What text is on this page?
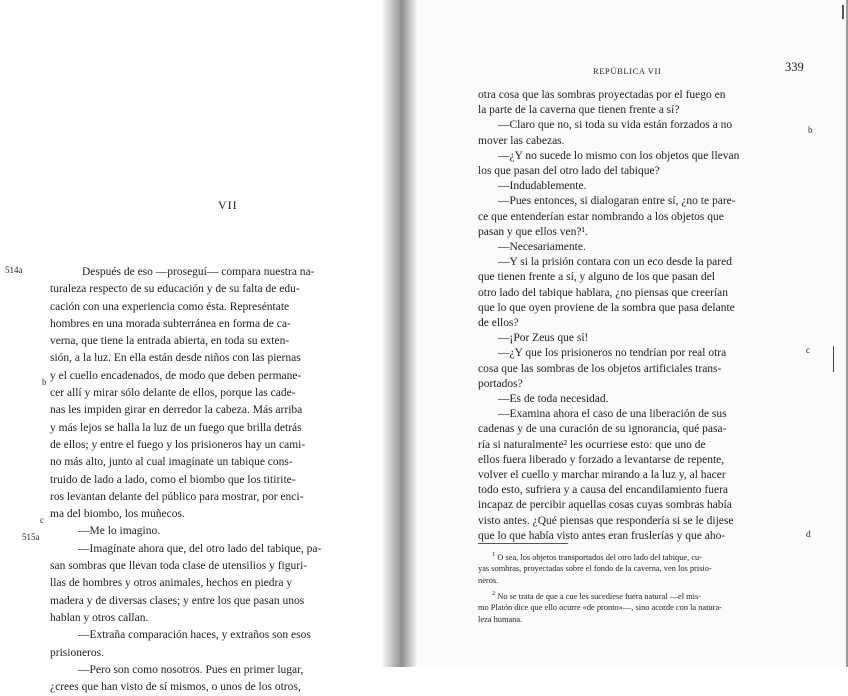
VII
514a
b
c
515a
Después de eso —proseguí— compara nuestra na-
turaleza respecto de su educación y de su falta de edu-
cación con una experiencia como ésta. Represéntate
hombres en una morada subterránea en forma de ca-
verna, que tiene la entrada abierta, en toda su exten-
sión, a la luz. En ella están desde niños con las piernas
y el cuello encadenados, de modo que deben permane-
cer allí y mirar sólo delante de ellos, porque las cade-
nas les impiden girar en derredor la cabeza. Más arriba
y más lejos se halla la luz de un fuego que brilla detrás
de ellos; y entre el fuego y los prisioneros hay un cami-
no más alto, junto al cual imagínate un tabique cons-
truido de lado a lado, como el biombo que los titirite-
ros levantan delante del público para mostrar, por enci-
ma del biombo, los muñecos.
—Me lo imagino.
—Imagínate ahora que, del otro lado del tabique, pa-
san sombras que llevan toda clase de utensilios y figuri-
llas de hombres y otros animales, hechos en piedra y
madera y de diversas clases; y entre los que pasan unos
hablan y otros callan.
—Extraña comparación haces, y extraños son esos
prisioneros.
—Pero son como nosotros. Pues en primer lugar,
¿crees que han visto de sí mismos, o unos de los otros,
REPÚBLICA VII	339
b
c
d
otra cosa que las sombras proyectadas por el fuego en
la parte de la caverna que tienen frente a sí?
—Claro que no, si toda su vida están forzados a no
mover las cabezas.
—¿Y no sucede lo mismo con los objetos que llevan
los que pasan del otro lado del tabique?
—Indudablemente.
—Pues entonces, si dialogaran entre sí, ¿no te pare-
ce que entenderían estar nombrando a los objetos que
pasan y que ellos ven?¹.
—Necesariamente.
—Y si la prisión contara con un eco desde la pared
que tienen frente a sí, y alguno de los que pasan del
otro lado del tabique hablara, ¿no piensas que creerían
que lo que oyen proviene de la sombra que pasa delante
de ellos?
—¡Por Zeus que sí!
—¿Y que los prisioneros no tendrían por real otra
cosa que las sombras de los objetos artificiales trans-
portados?
—Es de toda necesidad.
—Examina ahora el caso de una liberación de sus
cadenas y de una curación de su ignorancia, qué pasa-
ría si naturalmente² les ocurriese esto: que uno de
ellos fuera liberado y forzado a levantarse de repente,
volver el cuello y marchar mirando a la luz y, al hacer
todo esto, sufriera y a causa del encandilamiento fuera
incapaz de percibir aquellas cosas cuyas sombras había
visto antes. ¿Qué piensas que respondería si se le dijese
que lo que había visto antes eran fruslerías y que aho-
$^1$ O sea, los objetos transportados del otro lado del tabique, cu-
yas sombras, proyectadas sobre el fondo de la caverna, ven los prisio-
neros.
$^2$ No se trata de que a cue les sucediese fuera natural —el mis-
mo Platón dice que ello ocurre «de pronto»—, sino acorde con la natura-
leza humana.
